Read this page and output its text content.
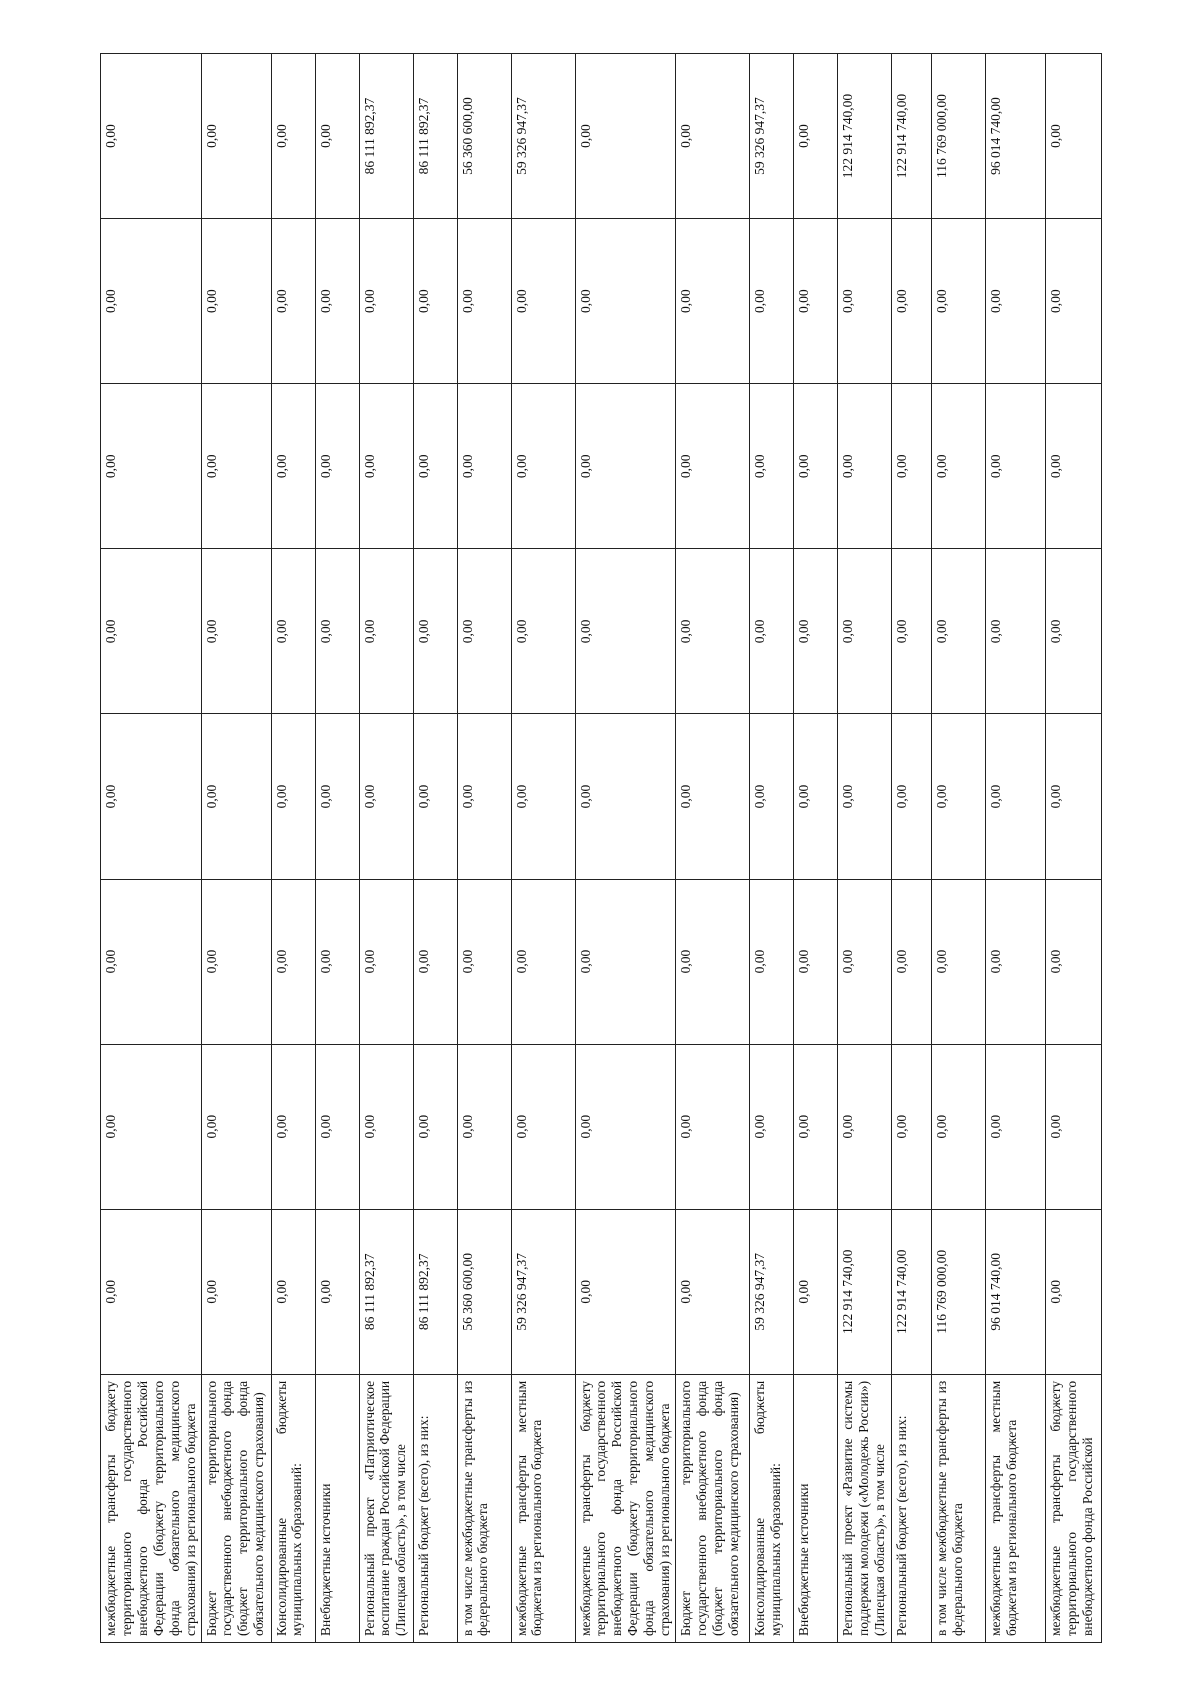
межбюджетные трансферты бюджету территориального государственного внебюджетного фонда Российской Федерации (бюджету территориального фонда обязательного медицинского страхования) из регионального бюджета	0,00	0,00	0,00	0,00	0,00	0,00	0,00	0,00
Бюджет территориального государственного внебюджетного фонда (бюджет территориального фонда обязательного медицинского страхования)	0,00	0,00	0,00	0,00	0,00	0,00	0,00	0,00
Консолидированные бюджеты муниципальных образований:	0,00	0,00	0,00	0,00	0,00	0,00	0,00	0,00
Внебюджетные источники	0,00	0,00	0,00	0,00	0,00	0,00	0,00	0,00
Региональный проект «Патриотическое воспитание граждан Российской Федерации (Липецкая область)», в том числе	86 111 892,37	0,00	0,00	0,00	0,00	0,00	0,00	86 111 892,37
Региональный бюджет (всего), из них:	86 111 892,37	0,00	0,00	0,00	0,00	0,00	0,00	86 111 892,37
в том числе межбюджетные трансферты из федерального бюджета	56 360 600,00	0,00	0,00	0,00	0,00	0,00	0,00	56 360 600,00
межбюджетные трансферты местным бюджетам из регионального бюджета	59 326 947,37	0,00	0,00	0,00	0,00	0,00	0,00	59 326 947,37
межбюджетные трансферты бюджету территориального государственного внебюджетного фонда Российской Федерации (бюджету территориального фонда обязательного медицинского страхования) из регионального бюджета	0,00	0,00	0,00	0,00	0,00	0,00	0,00	0,00
Бюджет территориального государственного внебюджетного фонда (бюджет территориального фонда обязательного медицинского страхования)	0,00	0,00	0,00	0,00	0,00	0,00	0,00	0,00
Консолидированные бюджеты муниципальных образований:	59 326 947,37	0,00	0,00	0,00	0,00	0,00	0,00	59 326 947,37
Внебюджетные источники	0,00	0,00	0,00	0,00	0,00	0,00	0,00	0,00
Региональный проект «Развитие системы поддержки молодежи («Молодежь России») (Липецкая область)», в том числе	122 914 740,00	0,00	0,00	0,00	0,00	0,00	0,00	122 914 740,00
Региональный бюджет (всего), из них:	122 914 740,00	0,00	0,00	0,00	0,00	0,00	0,00	122 914 740,00
в том числе межбюджетные трансферты из федерального бюджета	116 769 000,00	0,00	0,00	0,00	0,00	0,00	0,00	116 769 000,00
межбюджетные трансферты местным бюджетам из регионального бюджета	96 014 740,00	0,00	0,00	0,00	0,00	0,00	0,00	96 014 740,00
межбюджетные трансферты бюджету территориального государственного внебюджетного фонда Российской	0,00	0,00	0,00	0,00	0,00	0,00	0,00	0,00
